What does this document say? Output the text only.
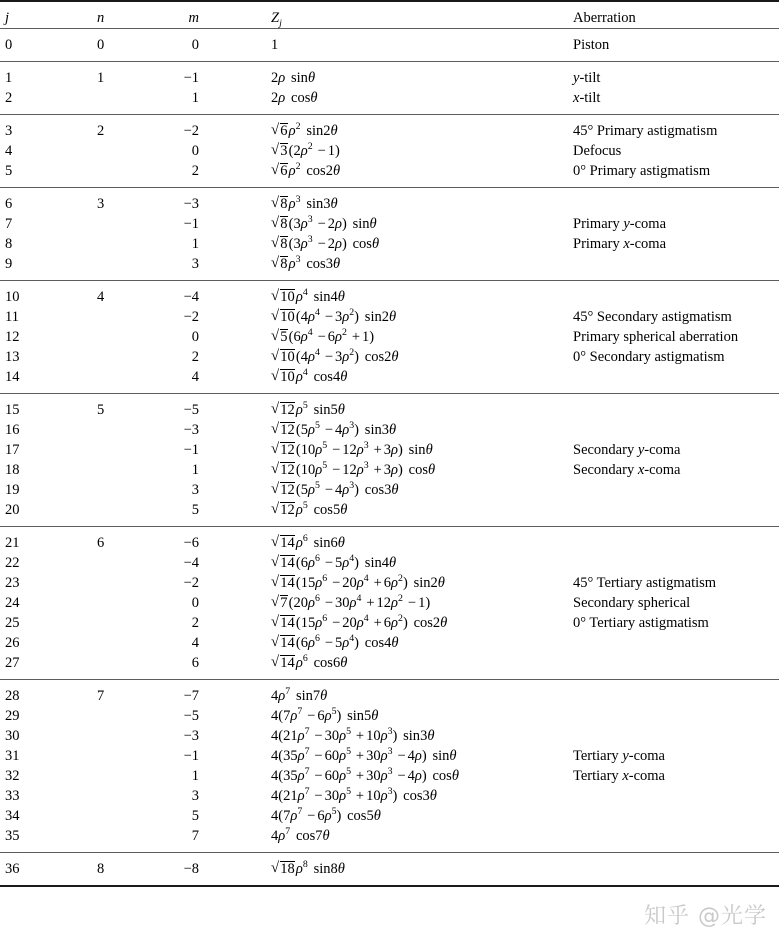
j	n	m	$Z_j$	Aberration
0	0	0	1	Piston
1	1	−1	2ρ  sinθ	y-tilt
2		1	2ρ  cosθ	x-tilt
3	2	−2	√ $6\rho^2$  sin2θ	45° Primary astigmatism
4		0	√ $3(2\rho^2 - 1)$	Defocus
5		2	√ $6\rho^2$  cos2θ	0° Primary astigmatism
6	3	−3	√ $8\rho^3$  sin3θ	
7		−1	√ $8(3\rho^3 - 2\rho)$ sinθ	Primary y-coma
8		1	√ $8(3\rho^3 - 2\rho)$ cosθ	Primary x-coma
9		3	√ $8\rho^3$  cos3θ	
10	4	−4	√ $10\rho^4$  sin4θ	
11		−2	√ $10(4\rho^4 - 3\rho^2)$ sin2θ	45° Secondary astigmatism
12		0	√ $5(6\rho^4 - 6\rho^2 + 1)$	Primary spherical aberration
13		2	√ $10(4\rho^4 - 3\rho^2)$ cos2θ	0° Secondary astigmatism
14		4	√ $10\rho^4$  cos4θ	
15	5	−5	√ $12\rho^5$  sin5θ	
16		−3	√ $12(5\rho^5 - 4\rho^3)$ sin3θ	
17		−1	√ $12(10\rho^5 - 12\rho^3 + 3\rho)$ sinθ	Secondary y-coma
18		1	√ $12(10\rho^5 - 12\rho^3 + 3\rho)$ cosθ	Secondary x-coma
19		3	√ $12(5\rho^5 - 4\rho^3)$ cos3θ	
20		5	√ $12\rho^5$  cos5θ	
21	6	−6	√ $14\rho^6$  sin6θ	
22		−4	√ $14(6\rho^6 - 5\rho^4)$ sin4θ	
23		−2	√ $14(15\rho^6 - 20\rho^4 + 6\rho^2)$ sin2θ	45° Tertiary astigmatism
24		0	√ $7(20\rho^6 - 30\rho^4 + 12\rho^2 - 1)$	Secondary spherical
25		2	√ $14(15\rho^6 - 20\rho^4 + 6\rho^2)$ cos2θ	0° Tertiary astigmatism
26		4	√ $14(6\rho^6 - 5\rho^4)$ cos4θ	
27		6	√ $14\rho^6$  cos6θ	
28	7	−7	$4\rho^7$  sin7θ	
29		−5	$4(7\rho^7 - 6\rho^5)$ sin5θ	
30		−3	$4(21\rho^7 - 30\rho^5 + 10\rho^3)$ sin3θ	
31		−1	$4(35\rho^7 - 60\rho^5 + 30\rho^3 - 4\rho)$ sinθ	Tertiary y-coma
32		1	$4(35\rho^7 - 60\rho^5 + 30\rho^3 - 4\rho)$ cosθ	Tertiary x-coma
33		3	$4(21\rho^7 - 30\rho^5 + 10\rho^3)$ cos3θ	
34		5	$4(7\rho^7 - 6\rho^5)$ cos5θ	
35		7	$4\rho^7$  cos7θ	
36	8	−8	√ $18\rho^8$  sin8θ	
知乎 @光学
